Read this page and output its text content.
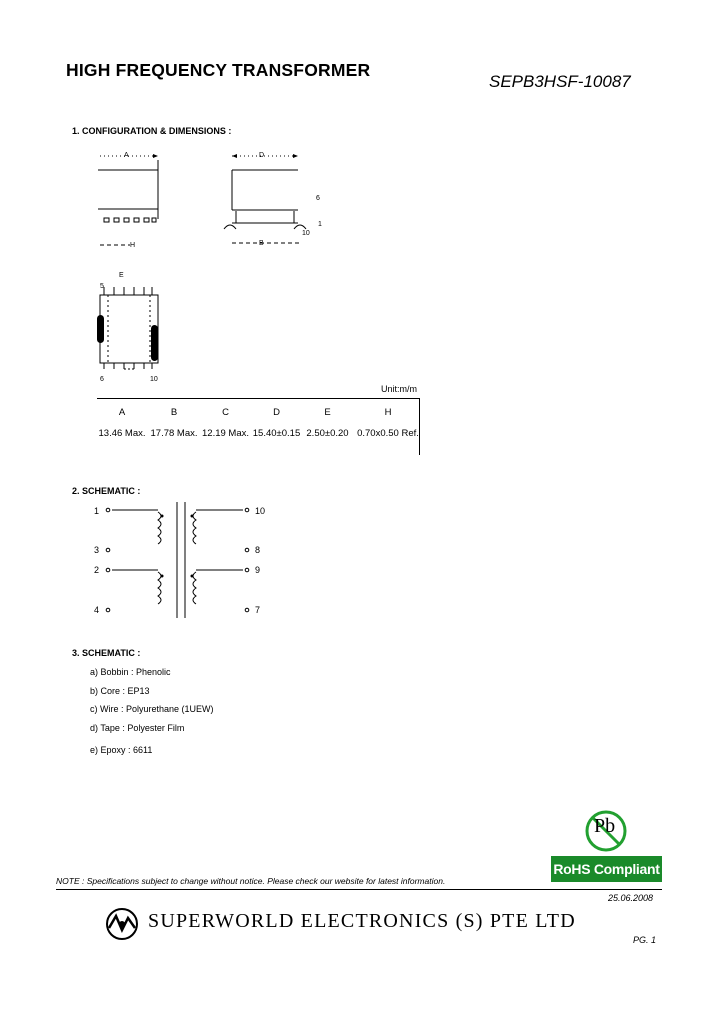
HIGH FREQUENCY TRANSFORMER
SEPB3HSF-10087
1. CONFIGURATION & DIMENSIONS :
A	D
6
1
10
B
H
E
5
6	10
Unit:m/m
A	B	C	D	E	H
13.46 Max.	17.78 Max.	12.19 Max.	15.40±0.15	2.50±0.20	0.70x0.50 Ref.
2. SCHEMATIC :
1
3
2
4
10
8
9
7
3. SCHEMATIC :
a) Bobbin : Phenolic
b) Core : EP13
c) Wire : Polyurethane (1UEW)
d) Tape : Polyester Film
e) Epoxy : 6611
Pb
RoHS Compliant
NOTE : Specifications subject to change without notice. Please check our website for latest information.
25.06.2008
SUPERWORLD ELECTRONICS (S) PTE LTD
PG. 1
